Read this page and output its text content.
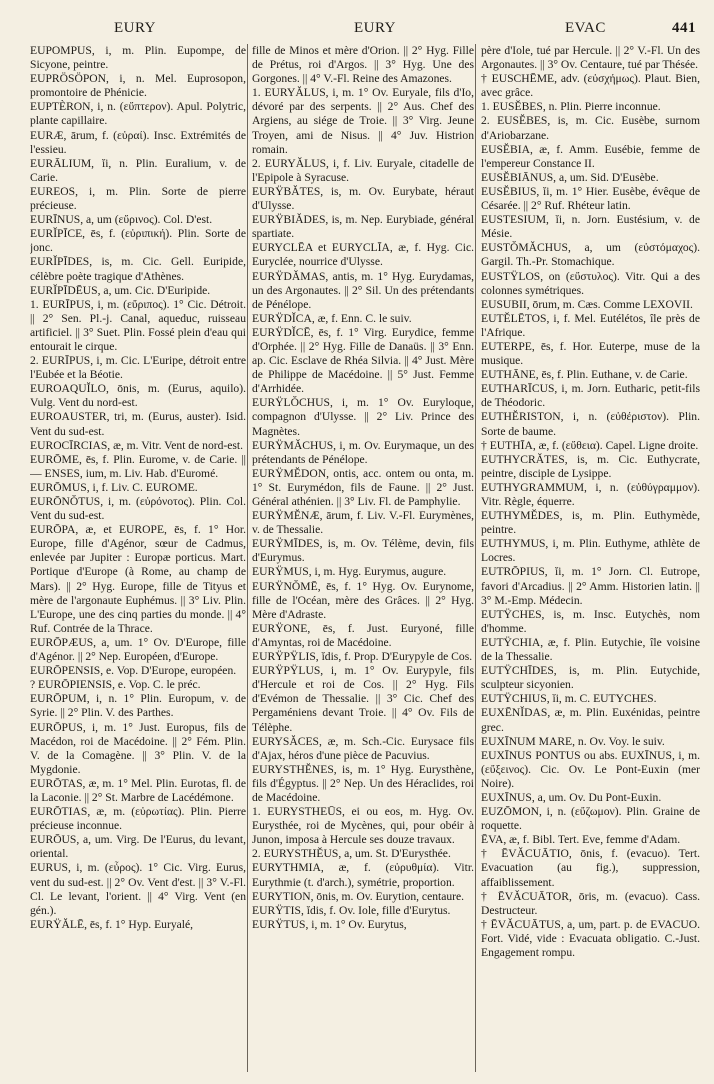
EURY	EURY	EVAC	441

EUPOMPUS, i, m. Plin. Eupompe, de Sicyone, peintre.

EUPRÖSÖPON, i, n. Mel. Euprosopon, promontoire de Phénicie.

EUPTÈRON, i, n. (εὔπτερον). Apul. Polytric, plante capillaire.

EURÆ, ārum, f. (εὐραί). Insc. Extrémités de l'essieu.

EURĀLIUM, ĭi, n. Plin. Euralium, v. de Carie.

EUREOS, i, m. Plin. Sorte de pierre précieuse.

EURĪNUS, a, um (εὔρινος). Col. D'est.

EURĬPĪCE, ēs, f. (εὐριπική). Plin. Sorte de jonc.

EURĬPĪDES, is, m. Cic. Gell. Euripide, célèbre poète tragique d'Athènes.

EURĬPĪDĒUS, a, um. Cic. D'Euripide.

1. EURĪPUS, i, m. (εὔριπος). 1° Cic. Détroit. || 2° Sen. Pl.-j. Canal, aqueduc, ruisseau artificiel. || 3° Suet. Plin. Fossé plein d'eau qui entourait le cirque.

2. EURĪPUS, i, m. Cic. L'Euripe, détroit entre l'Eubée et la Béotie.

EUROAQUĬLO, ōnis, m. (Eurus, aquilo). Vulg. Vent du nord-est.

EUROAUSTER, tri, m. (Eurus, auster). Isid. Vent du sud-est.

EUROCĪRCIAS, æ, m. Vitr. Vent de nord-est.

EURŌME, ēs, f. Plin. Eurome, v. de Carie. || — ENSES, ium, m. Liv. Hab. d'Euromé.

EURŌMUS, i, f. Liv. C. EUROME.

EURŌNŎTUS, i, m. (εὐρόνοτος). Plin. Col. Vent du sud-est.

EURŌPA, æ, et EUROPE, ēs, f. 1° Hor. Europe, fille d'Agénor, sœur de Cadmus, enlevée par Jupiter : Europæ porticus. Mart. Portique d'Europe (à Rome, au champ de Mars). || 2° Hyg. Europe, fille de Tityus et mère de l'argonaute Euphémus. || 3° Liv. Plin. L'Europe, une des cinq parties du monde. || 4° Ruf. Contrée de la Thrace.

EURŌPÆUS, a, um. 1° Ov. D'Europe, fille d'Agénor. || 2° Nep. Européen, d'Europe.

EURŌPENSIS, e. Vop. D'Europe, européen.

? EURŌPIENSIS, e. Vop. C. le préc.

EURŌPUM, i, n. 1° Plin. Europum, v. de Syrie. || 2° Plin. V. des Parthes.

EURŌPUS, i, m. 1° Just. Europus, fils de Macédon, roi de Macédoine. || 2° Fém. Plin. V. de la Comagène. || 3° Plin. V. de la Mygdonie.

EURŌTAS, æ, m. 1° Mel. Plin. Eurotas, fl. de la Laconie. || 2° St. Marbre de Lacédémone.

EURŌTIAS, æ, m. (εὐρωτίας). Plin. Pierre précieuse inconnue.

EURŌUS, a, um. Virg. De l'Eurus, du levant, oriental.

EURUS, i, m. (εὖρος). 1° Cic. Virg. Eurus, vent du sud-est. || 2° Ov. Vent d'est. || 3° V.-Fl. Cl. Le levant, l'orient. || 4° Virg. Vent (en gén.).

EURŸĂLĒ, ēs, f. 1° Hyp. Euryalé,

fille de Minos et mère d'Orion. || 2° Hyg. Fille de Prétus, roi d'Argos. || 3° Hyg. Une des Gorgones. || 4° V.-Fl. Reine des Amazones.

1. EURYĂLUS, i, m. 1° Ov. Euryale, fils d'Io, dévoré par des serpents. || 2° Aus. Chef des Argiens, au siége de Troie. || 3° Virg. Jeune Troyen, ami de Nisus. || 4° Juv. Histrion romain.

2. EURYĂLUS, i, f. Liv. Euryale, citadelle de l'Epipole à Syracuse.

EURŸBĂTES, is, m. Ov. Eurybate, héraut d'Ulysse.

EURŸBIĂDES, is, m. Nep. Eurybiade, général spartiate.

EURYCLĒA et EURYCLĪA, æ, f. Hyg. Cic. Euryclée, nourrice d'Ulysse.

EURŸDĂMAS, antis, m. 1° Hyg. Eurydamas, un des Argonautes. || 2° Sil. Un des prétendants de Pénélope.

EURŸDĬCA, æ, f. Enn. C. le suiv.

EURŸDĬCĒ, ēs, f. 1° Virg. Eurydice, femme d'Orphée. || 2° Hyg. Fille de Danaüs. || 3° Enn. ap. Cic. Esclave de Rhéa Silvia. || 4° Just. Mère de Philippe de Macédoine. || 5° Just. Femme d'Arrhidée.

EURŸLŎCHUS, i, m. 1° Ov. Euryloque, compagnon d'Ulysse. || 2° Liv. Prince des Magnètes.

EURŸMĂCHUS, i, m. Ov. Eurymaque, un des prétendants de Pénélope.

EURŸMĔDON, ontis, acc. ontem ou onta, m. 1° St. Eurymédon, fils de Faune. || 2° Just. Général athénien. || 3° Liv. Fl. de Pamphylie.

EURŸMĔNÆ, ārum, f. Liv. V.-Fl. Eurymènes, v. de Thessalie.

EURŸMĪDES, is, m. Ov. Télème, devin, fils d'Eurymus.

EURŸMUS, i, m. Hyg. Eurymus, augure.

EURŸNŎMĒ, ēs, f. 1° Hyg. Ov. Eurynome, fille de l'Océan, mère des Grâces. || 2° Hyg. Mère d'Adraste.

EURŸONE, ēs, f. Just. Euryoné, fille d'Amyntas, roi de Macédoine.

EURŸPŸLIS, ĭdis, f. Prop. D'Eurypyle de Cos.

EURŸPŸLUS, i, m. 1° Ov. Eurypyle, fils d'Hercule et roi de Cos. || 2° Hyg. Fils d'Evémon de Thessalie. || 3° Cic. Chef des Pergaméniens devant Troie. || 4° Ov. Fils de Télèphe.

EURYSĂCES, æ, m. Sch.-Cic. Eurysace fils d'Ajax, héros d'une pièce de Pacuvius.

EURYSTHĔNES, is, m. 1° Hyg. Eurysthène, fils d'Égyptus. || 2° Nep. Un des Héraclides, roi de Macédoine.

1. EURYSTHEŪS, ei ou eos, m. Hyg. Ov. Eurysthée, roi de Mycènes, qui, pour obéir à Junon, imposa à Hercule ses douze travaux.

2. EURYSTHĔUS, a, um. St. D'Eurysthée.

EURYTHMIA, æ, f. (εὐρυθμία). Vitr. Eurythmie (t. d'arch.), symétrie, proportion.

EURYTION, ōnis, m. Ov. Eurytion, centaure.

EURŸTIS, ĭdis, f. Ov. Iole, fille d'Eurytus.

EURŸTUS, i, m. 1° Ov. Eurytus,

père d'Iole, tué par Hercule. || 2° V.-Fl. Un des Argonautes. || 3° Ov. Centaure, tué par Thésée.

† EUSCHĒME, adv. (εὐσχήμως). Plaut. Bien, avec grâce.

1. EUSĔBES, n. Plin. Pierre inconnue.

2. EUSĔBES, is, m. Cic. Eusèbe, surnom d'Ariobarzane.

EUSĔBIA, æ, f. Amm. Eusébie, femme de l'empereur Constance II.

EUSĔBIĀNUS, a, um. Sid. D'Eusèbe.

EUSĔBIUS, ĭi, m. 1° Hier. Eusèbe, évêque de Césarée. || 2° Ruf. Rhéteur latin.

EUSTESIUM, ĭi, n. Jorn. Eustésium, v. de Mésie.

EUSTŎMĂCHUS, a, um (εὐστόμαχος). Gargil. Th.-Pr. Stomachique.

EUSTŸLOS, on (εὔστυλος). Vitr. Qui a des colonnes symétriques.

EUSUBII, ōrum, m. Cæs. Comme LEXOVII.

EUTĔLĒTOS, i, f. Mel. Eutélétos, île près de l'Afrique.

EUTERPE, ēs, f. Hor. Euterpe, muse de la musique.

EUTHĀNE, ēs, f. Plin. Euthane, v. de Carie.

EUTHARĪCUS, i, m. Jorn. Eutharic, petit-fils de Théodoric.

EUTHĔRISTON, i, n. (εὐθέριστον). Plin. Sorte de baume.

† EUTHĪA, æ, f. (εὔθεια). Capel. Ligne droite.

EUTHYCRĂTES, is, m. Cic. Euthycrate, peintre, disciple de Lysippe.

EUTHYGRAMMUM, i, n. (εὐθύγραμμον). Vitr. Règle, équerre.

EUTHYMĔDES, is, m. Plin. Euthymède, peintre.

EUTHYMUS, i, m. Plin. Euthyme, athlète de Locres.

EUTRŌPIUS, ĭi, m. 1° Jorn. Cl. Eutrope, favori d'Arcadius. || 2° Amm. Historien latin. || 3° M.-Emp. Médecin.

EUTŸCHES, is, m. Insc. Eutychès, nom d'homme.

EUTŸCHIA, æ, f. Plin. Eutychie, île voisine de la Thessalie.

EUTŸCHĪDES, is, m. Plin. Eutychide, sculpteur sicyonien.

EUTŸCHIUS, ĭi, m. C. EUTYCHES.

EUXĒNĬDAS, æ, m. Plin. Euxénidas, peintre grec.

EUXĪNUM MARE, n. Ov. Voy. le suiv.

EUXĪNUS PONTUS ou abs. EUXĪNUS, i, m. (εὔξεινος). Cic. Ov. Le Pont-Euxin (mer Noire).

EUXĪNUS, a, um. Ov. Du Pont-Euxin.

EUZŌMON, i, n. (εὔζωμον). Plin. Graine de roquette.

ĒVA, æ, f. Bibl. Tert. Eve, femme d'Adam.

† ĒVĂCUĀTIO, ōnis, f. (evacuo). Tert. Evacuation (au fig.), suppression, affaiblissement.

† ĒVĂCUĀTOR, ōris, m. (evacuo). Cass. Destructeur.

† ĒVĂCUĀTUS, a, um, part. p. de EVACUO. Fort. Vidé, vide : Evacuata obligatio. C.-Just. Engagement rompu.
